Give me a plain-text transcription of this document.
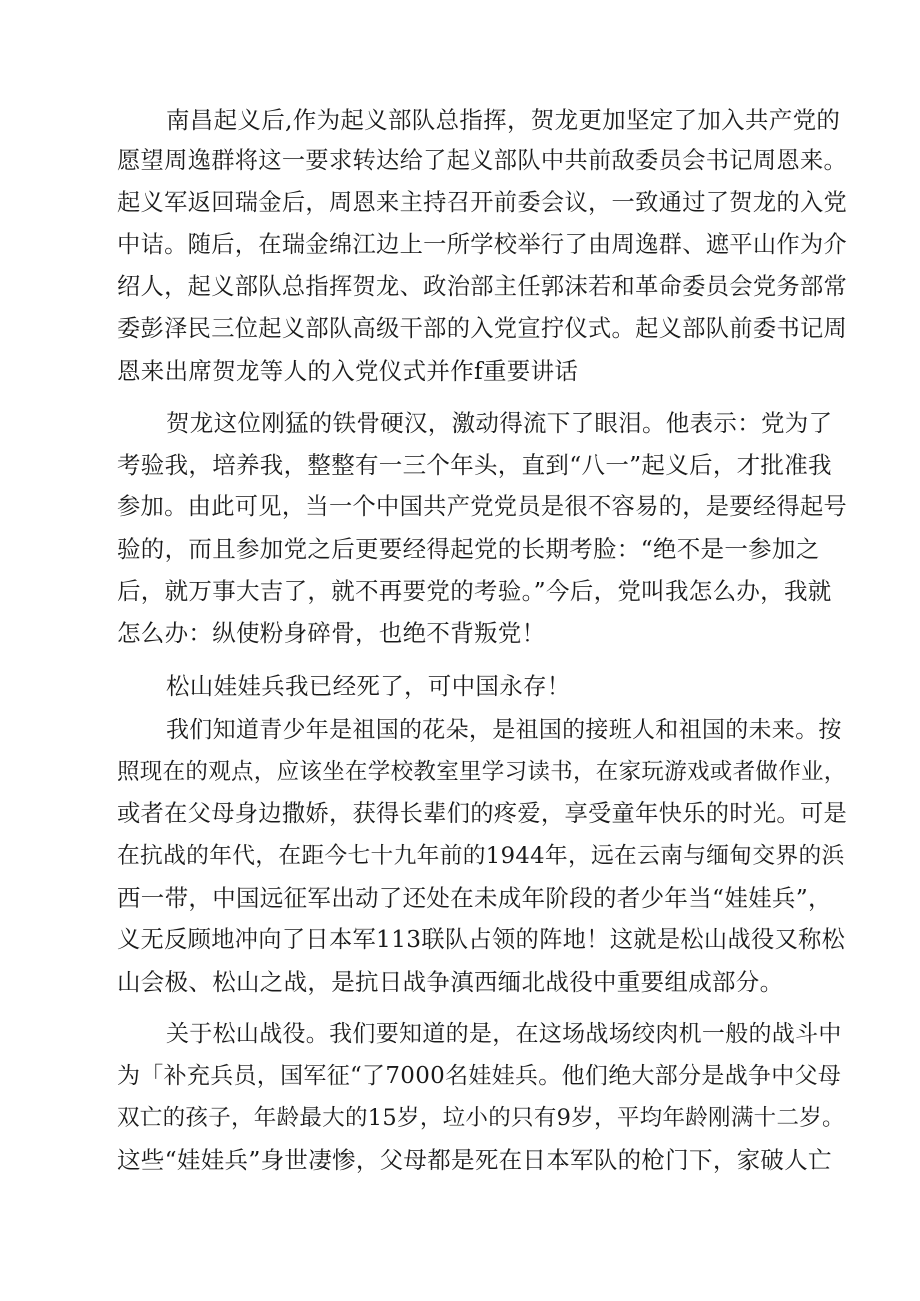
南昌起义后,作为起义部队总指挥，贺龙更加坚定了加入共产党的
愿望周逸群将这一要求转达给了起义部队中共前敌委员会书记周恩来。
起义军返回瑞金后，周恩来主持召开前委会议，一致通过了贺龙的入党
中诘。随后，在瑞金绵江边上一所学校举行了由周逸群、遮平山作为介
绍人，起义部队总指挥贺龙、政治部主任郭沫若和革命委员会党务部常
委彭泽民三位起义部队高级干部的入党宣拧仪式。起义部队前委书记周
恩来出席贺龙等人的入党仪式并作f重要讲话
贺龙这位刚猛的铁骨硬汉，激动得流下了眼泪。他表示：党为了
考验我，培养我，整整有一三个年头，直到“八一”起义后，才批准我
参加。由此可见，当一个中国共产党党员是很不容易的，是要经得起号
验的，而且参加党之后更要经得起党的长期考脸：“绝不是一参加之
后，就万事大吉了，就不再要党的考验。”今后，党叫我怎么办，我就
怎么办：纵使粉身碎骨，也绝不背叛党！
松山娃娃兵我已经死了，可中国永存！
我们知道青少年是祖国的花朵，是祖国的接班人和祖国的未来。按
照现在的观点，应该坐在学校教室里学习读书，在家玩游戏或者做作业，
或者在父母身边撒娇，获得长辈们的疼爱，享受童年快乐的时光。可是
在抗战的年代，在距今七十九年前的1944年，远在云南与缅甸交界的浜
西一带，中国远征军出动了还处在未成年阶段的者少年当“娃娃兵”，
义无反顾地冲向了日本军113联队占领的阵地！这就是松山战役又称松
山会极、松山之战，是抗日战争滇西缅北战役中重要组成部分。
关于松山战役。我们要知道的是，在这场战场绞肉机一般的战斗中
为「补充兵员，国军征“了7000名娃娃兵。他们绝大部分是战争中父母
双亡的孩子，年龄最大的15岁，垃小的只有9岁，平均年龄刚满十二岁。
这些“娃娃兵”身世凄惨，父母都是死在日本军队的枪门下，家破人亡
